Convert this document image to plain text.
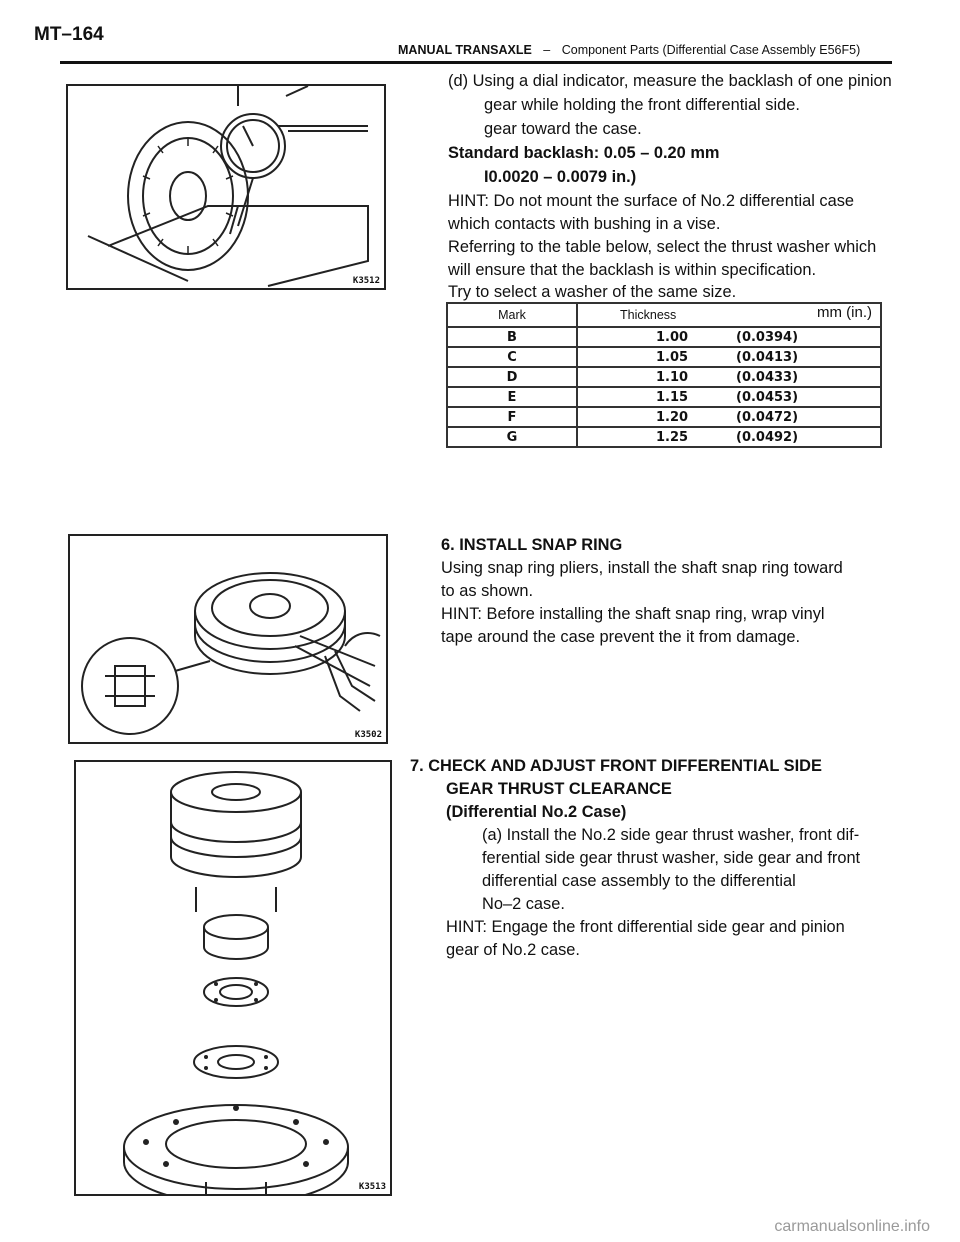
MT–164
MANUAL TRANSAXLE – Component Parts (Differential Case Assembly E56F5)
K3512
(d) Using a dial indicator, measure the backlash of one pinion
gear while holding the front differential side.
gear toward the case.
Standard backlash: 0.05 – 0.20 mm
I0.0020 – 0.0079 in.)
HINT: Do not mount the surface of No.2 differential case
which contacts with bushing in a vise.
Referring to the table below, select the thrust washer which
will ensure that the backlash is within specification.
Try to select a washer of the same size.
Mark	Thickness mm (in.)

B	1.00 (0.0394)
C	1.05 (0.0413)
D	1.10 (0.0433)
E	1.15 (0.0453)
F	1.20 (0.0472)
G	1.25 (0.0492)
K3502
6. INSTALL SNAP RING
Using snap ring pliers, install the shaft snap ring toward
to as shown.
HINT: Before installing the shaft snap ring, wrap vinyl
tape around the case prevent the it from damage.
K3513
7. CHECK AND ADJUST FRONT DIFFERENTIAL SIDE
GEAR THRUST CLEARANCE
(Differential No.2 Case)
(a) Install the No.2 side gear thrust washer, front dif-
ferential side gear thrust washer, side gear and front
differential case assembly to the differential
No–2 case.
HINT: Engage the front differential side gear and pinion
gear of No.2 case.
carmanualsonline.info
